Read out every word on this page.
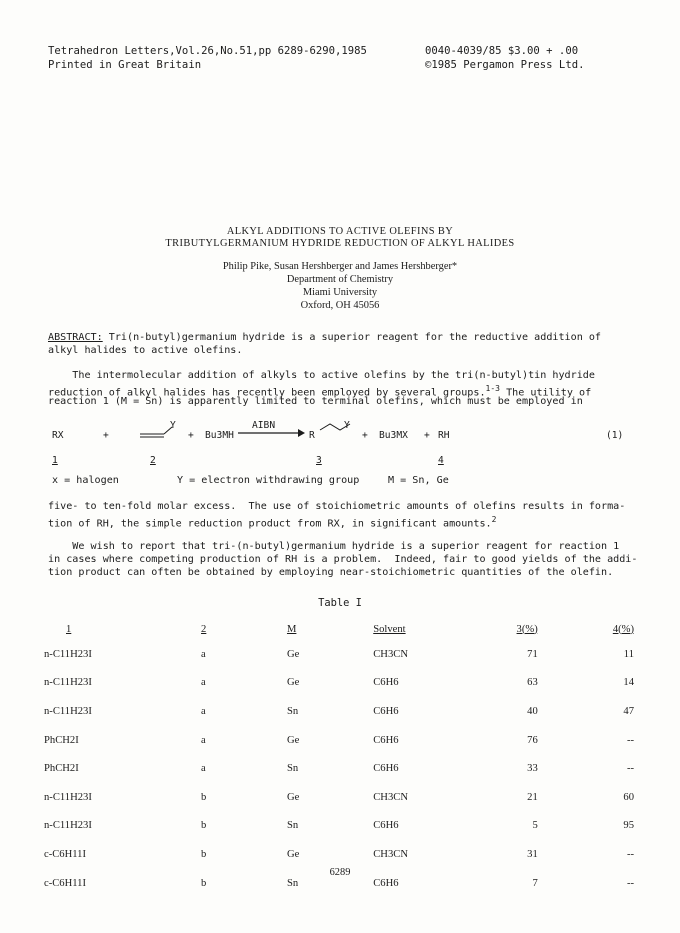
Tetrahedron Letters,Vol.26,No.51,pp 6289-6290,1985
Printed in Great Britain
0040-4039/85 $3.00 + .00
©1985 Pergamon Press Ltd.
ALKYL ADDITIONS TO ACTIVE OLEFINS BY
TRIBUTYLGERMANIUM HYDRIDE REDUCTION OF ALKYL HALIDES
Philip Pike, Susan Hershberger and James Hershberger*
Department of Chemistry
Miami University
Oxford, OH 45056
ABSTRACT: Tri(n-butyl)germanium hydride is a superior reagent for the reductive addition of
alkyl halides to active olefins.
The intermolecular addition of alkyls to active olefins by the tri(n-butyl)tin hydride
reduction of alkyl halides has recently been employed by several groups.$^{1-3}$ The utility of
reaction 1 (M = Sn) is apparently limited to terminal olefins, which must be employed in
RX	+
Y
+ Bu3MH
AIBN
R
Y
+ Bu3MX + RH	(1)
1	2	3	4
x = halogen	Y = electron withdrawing group	M = Sn, Ge
five- to ten-fold molar excess.  The use of stoichiometric amounts of olefins results in forma-
tion of RH, the simple reduction product from RX, in significant amounts.$^2$
We wish to report that tri-(n-butyl)germanium hydride is a superior reagent for reaction 1
in cases where competing production of RH is a problem.  Indeed, fair to good yields of the addi-
tion product can often be obtained by employing near-stoichiometric quantities of the olefin.
Table I
1	2	M	Solvent	3(%)	4(%)
n-C11H23I	a	Ge	CH3CN	71	11
n-C11H23I	a	Ge	C6H6	63	14
n-C11H23I	a	Sn	C6H6	40	47
PhCH2I	a	Ge	C6H6	76	--
PhCH2I	a	Sn	C6H6	33	--
n-C11H23I	b	Ge	CH3CN	21	60
n-C11H23I	b	Sn	C6H6	5	95
c-C6H11I	b	Ge	CH3CN	31	--
c-C6H11I	b	Sn	C6H6	7	--
6289
